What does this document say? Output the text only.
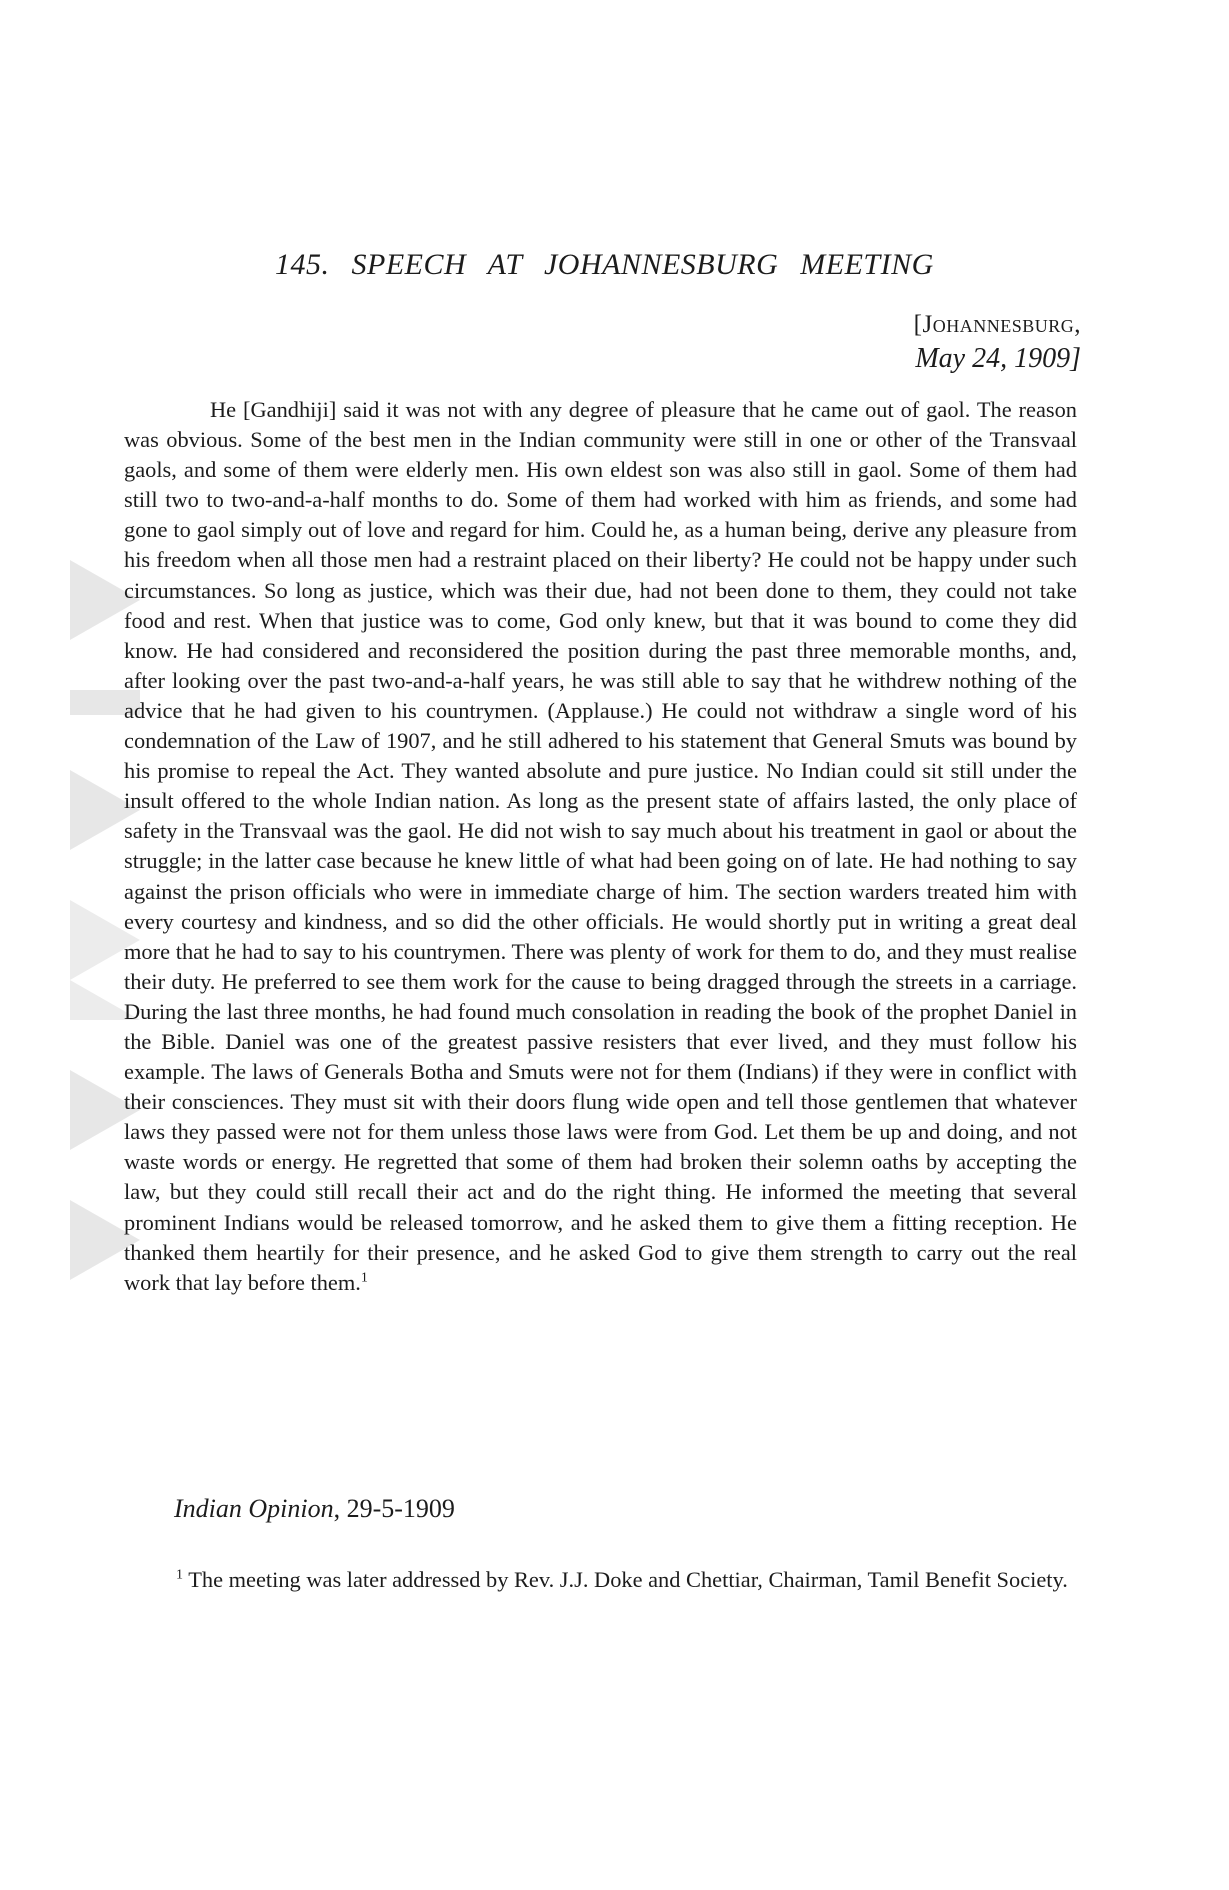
145. SPEECH AT JOHANNESBURG MEETING
[Johannesburg,
May 24, 1909]

He [Gandhiji] said it was not with any degree of pleasure that he came out of gaol. The reason was obvious. Some of the best men in the Indian community were still in one or other of the Transvaal gaols, and some of them were elderly men. His own eldest son was also still in gaol. Some of them had still two to two-and-a-half months to do. Some of them had worked with him as friends, and some had gone to gaol simply out of love and regard for him. Could he, as a human being, derive any pleasure from his freedom when all those men had a restraint placed on their liberty? He could not be happy under such circumstances. So long as justice, which was their due, had not been done to them, they could not take food and rest. When that justice was to come, God only knew, but that it was bound to come they did know. He had considered and reconsidered the position during the past three memorable months, and, after looking over the past two-and-a-half years, he was still able to say that he withdrew nothing of the advice that he had given to his countrymen. (Applause.) He could not withdraw a single word of his condemnation of the Law of 1907, and he still adhered to his statement that General Smuts was bound by his promise to repeal the Act. They wanted absolute and pure justice. No Indian could sit still under the insult offered to the whole Indian nation. As long as the present state of affairs lasted, the only place of safety in the Transvaal was the gaol. He did not wish to say much about his treatment in gaol or about the struggle; in the latter case because he knew little of what had been going on of late. He had nothing to say against the prison officials who were in immediate charge of him. The section warders treated him with every courtesy and kindness, and so did the other officials. He would shortly put in writing a great deal more that he had to say to his countrymen. There was plenty of work for them to do, and they must realise their duty. He preferred to see them work for the cause to being dragged through the streets in a carriage. During the last three months, he had found much consolation in reading the book of the prophet Daniel in the Bible. Daniel was one of the greatest passive resisters that ever lived, and they must follow his example. The laws of Generals Botha and Smuts were not for them (Indians) if they were in conflict with their consciences. They must sit with their doors flung wide open and tell those gentlemen that whatever laws they passed were not for them unless those laws were from God. Let them be up and doing, and not waste words or energy. He regretted that some of them had broken their solemn oaths by accepting the law, but they could still recall their act and do the right thing. He informed the meeting that several prominent Indians would be released tomorrow, and he asked them to give them a fitting reception. He thanked them heartily for their presence, and he asked God to give them strength to carry out the real work that lay before them.$^1$

Indian Opinion, 29-5-1909

$^1$ The meeting was later addressed by Rev. J.J. Doke and Chettiar, Chairman, Tamil Benefit Society.
